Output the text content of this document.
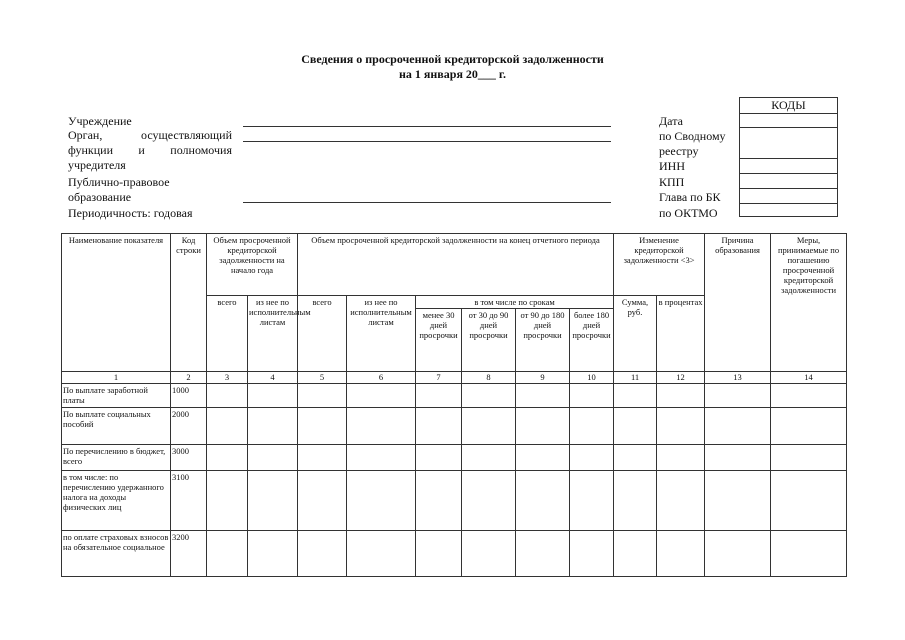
Сведения о просроченной кредиторской задолженности
на 1 января 20___ г.
Учреждение
Орган,	осуществляющий
функции и полномочия
учредителя
Публично-правовое
образование
Периодичность: годовая
Дата
по Сводному
реестру
ИНН
КПП
Глава по БК
по ОКТМО
КОДЫ
Наименование показателя	Код строки	Объем просроченной кредиторской задолженности на начало года		Объем просроченной кредиторской задолженности на конец отчетного периода						Изменение кредиторской задолженности <3>		Причина образования	Меры, принимаемые по погашению просроченной кредиторской задолженности
		всего	из нее по исполнительным листам	всего	из нее по исполнительным листам	в том числе по срокам				Сумма, руб.	в процентах		
						менее 30 дней просрочки	от 30 до 90 дней просрочки	от 90 до 180 дней просрочки	более 180 дней просрочки				
1	2	3	4	5	6	7	8	9	10	11	12	13	14
По выплате заработной платы	1000												
По выплате социальных пособий	2000												
По перечислению в бюджет, всего	3000												
в том числе: по перечислению удержанного налога на доходы физических лиц	3100												
по оплате страховых взносов на обязательное социальное	3200												
